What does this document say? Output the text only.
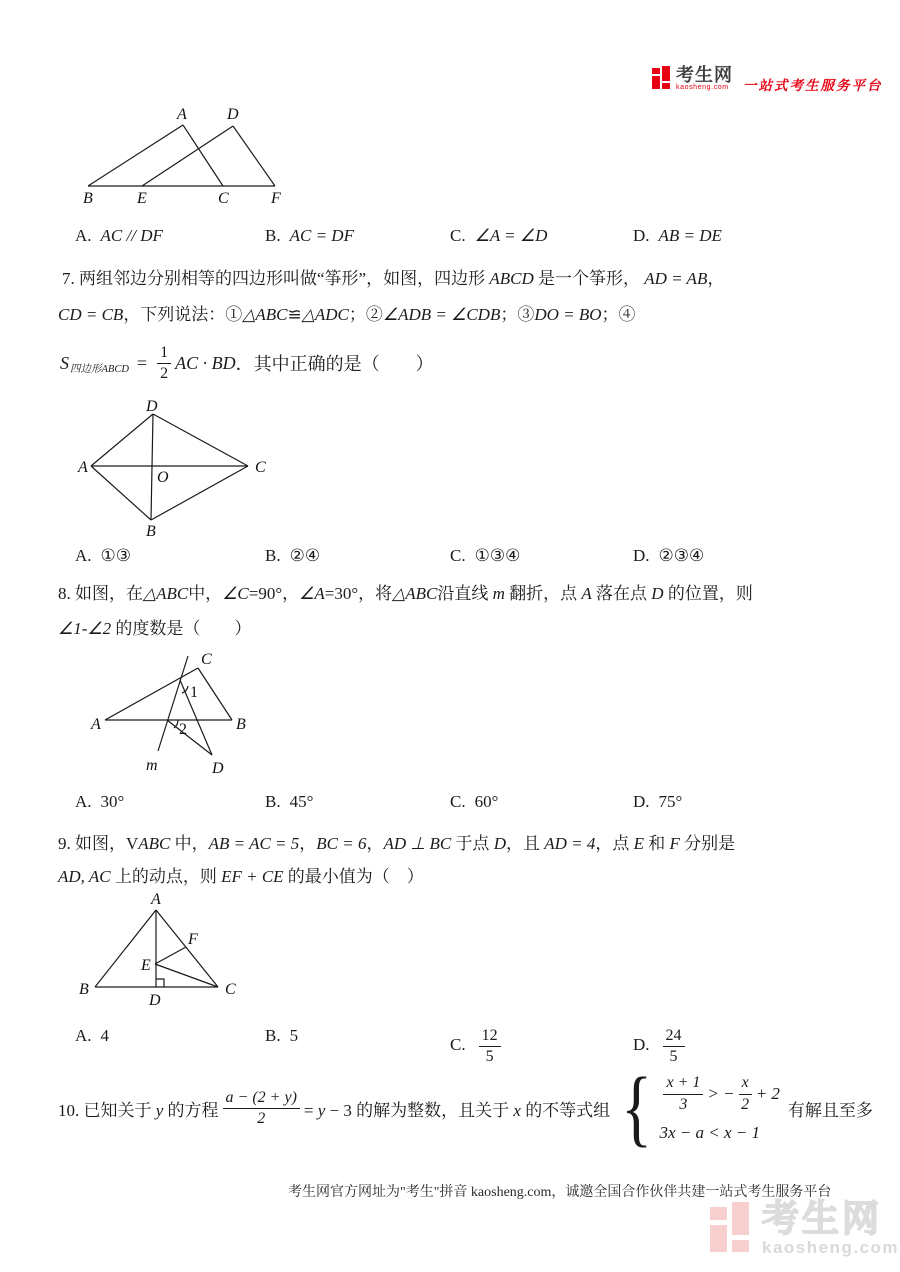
考生网
kaosheng.com	一站式考生服务平台
A	D
B	E	C	F
A. AC // DF	B. AC = DF	C. ∠A = ∠D	D. AB = DE

7. 两组邻边分别相等的四边形叫做“筝形”，如图，四边形 ABCD 是一个筝形， AD = AB，

CD = CB，下列说法：①△ABC≌△ADC；②∠ADB = ∠CDB；③DO = BO；④

$S_{四边形ABCD} = \frac{1}{2}$ AC · BD ．其中正确的是（　　）
D
A	C
B
O
A. ①③	B. ②④	C. ①③④	D. ②③④

8. 如图，在△ABC中，∠C=90°，∠A=30°，将△ABC沿直线 m 翻折，点 A 落在点 D 的位置，则

∠1-∠2 的度数是（　　）

C
A	B
D
m
1
2
A. 30°	B. 45°	C. 60°	D. 75°

9. 如图，VABC 中，AB = AC = 5，BC = 6，AD ⊥ BC 于点 D，且 AD = 4，点 E 和 F 分别是

AD, AC 上的动点，则 EF + CE 的最小值为（　）

A
B	C
D
E
F
A. 4	B. 5	C. $\frac{12}{5}$	D. $\frac{24}{5}$
10. 已知关于 y 的方程 $\frac{a - (2 + y)}{2} = y - 3$ 的解为整数，且关于 x 的不等式组 { $\frac{x + 1}{3}$ > − $\frac{x}{2} + 2$
3x − a < x − 1
有解且至多

考生网官方网址为"考生"拼音 kaosheng.com，诚邀全国合作伙伴共建一站式考生服务平台

考生网
kaosheng.com
